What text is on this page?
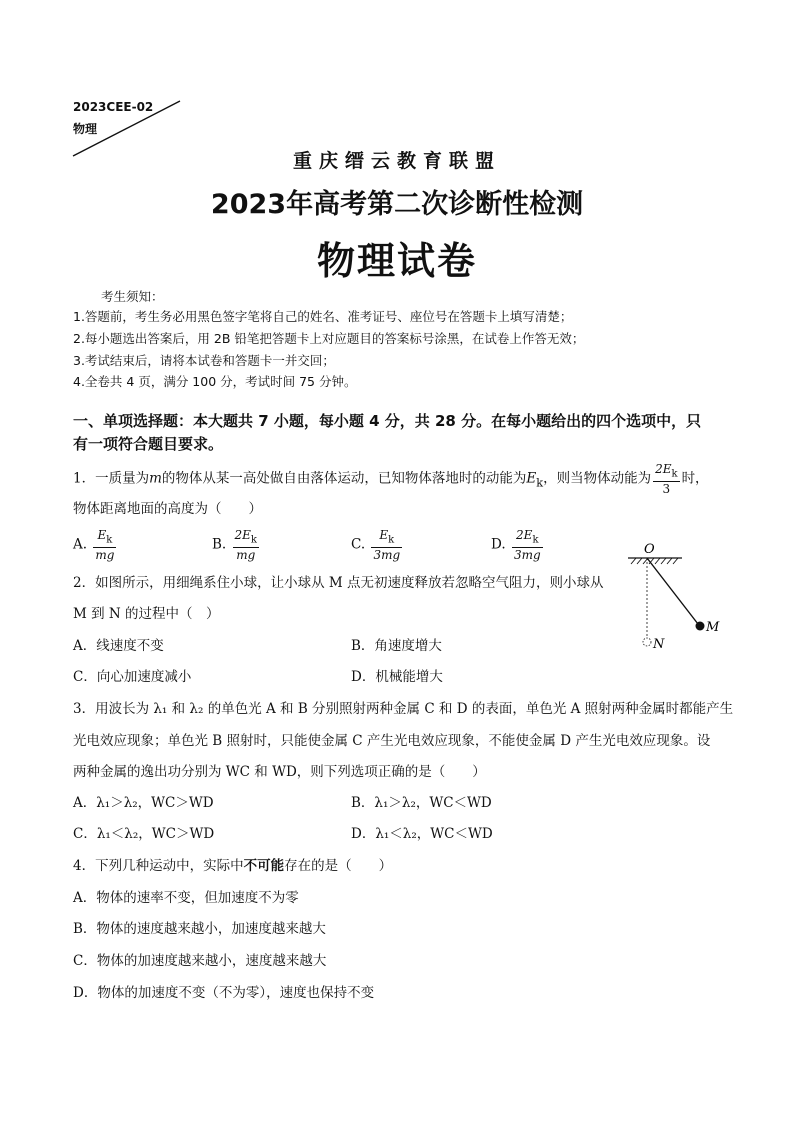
2023CEE-02
物理
重庆缙云教育联盟
2023年高考第二次诊断性检测
物理试卷
考生须知：
1.答题前，考生务必用黑色签字笔将自己的姓名、准考证号、座位号在答题卡上填写清楚；
2.每小题选出答案后，用 2B 铅笔把答题卡上对应题目的答案标号涂黑，在试卷上作答无效；
3.考试结束后，请将本试卷和答题卡一并交回；
4.全卷共 4 页，满分 100 分，考试时间 75 分钟。
一、单项选择题：本大题共 7 小题，每小题 4 分，共 28 分。在每小题给出的四个选项中，只
有一项符合题目要求。
1．一质量为m的物体从某一高处做自由落体运动，已知物体落地时的动能为$E_k$，则当物体动能为 $\frac{2E_k}{3}$ 时，
物体距离地面的高度为（　　）
A. $\frac{E_k}{mg}$	B. $\frac{2E_k}{mg}$	C. $\frac{E_k}{3mg}$	D. $\frac{2E_k}{3mg}$
2．如图所示，用细绳系住小球，让小球从 M 点无初速度释放若忽略空气阻力，则小球从
M 到 N 的过程中（　）
A．线速度不变	B．角速度增大
C．向心加速度减小	D．机械能增大
O
M
N
3．用波长为 λ₁ 和 λ₂ 的单色光 A 和 B 分别照射两种金属 C 和 D 的表面，单色光 A 照射两种金属时都能产生
光电效应现象；单色光 B 照射时，只能使金属 C 产生光电效应现象，不能使金属 D 产生光电效应现象。设
两种金属的逸出功分别为 WC 和 WD，则下列选项正确的是（　　）
A．λ₁＞λ₂，WC＞WD	B．λ₁＞λ₂，WC＜WD
C．λ₁＜λ₂，WC＞WD	D．λ₁＜λ₂，WC＜WD
4．下列几种运动中，实际中不可能存在的是（　　）
A．物体的速率不变，但加速度不为零
B．物体的速度越来越小，加速度越来越大
C．物体的加速度越来越小，速度越来越大
D．物体的加速度不变（不为零），速度也保持不变
